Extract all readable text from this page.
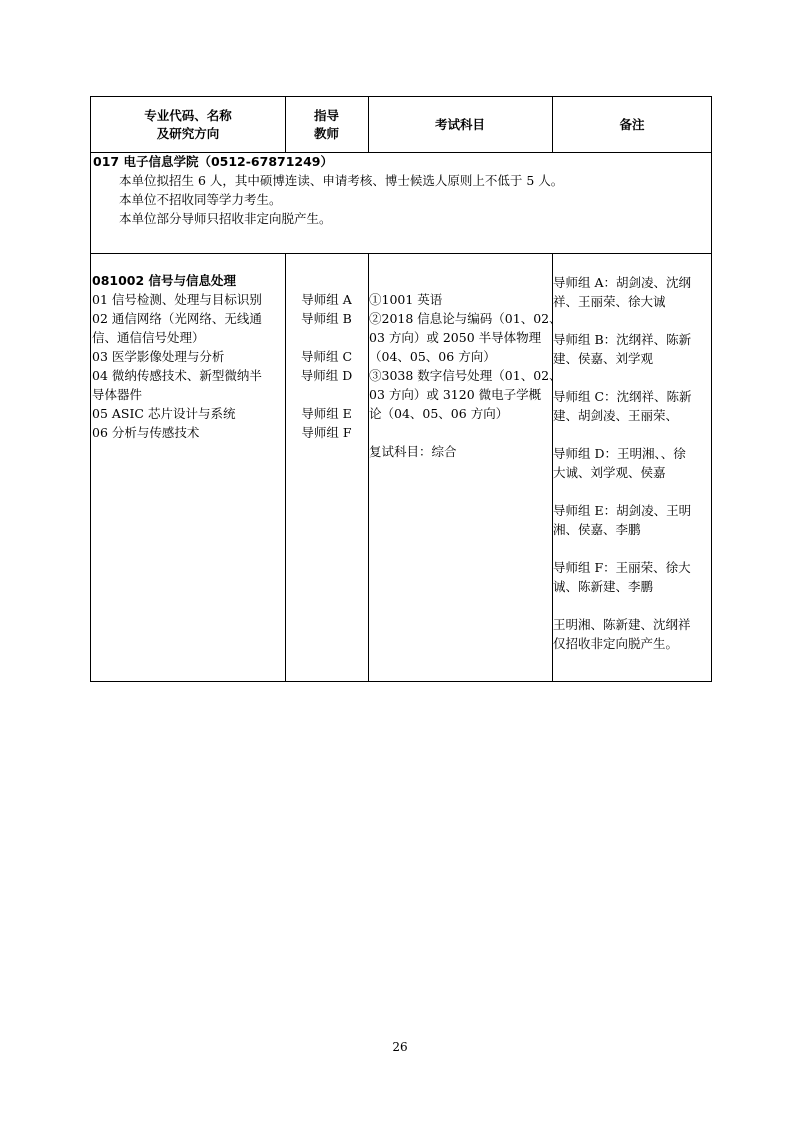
专业代码、名称
及研究方向
指导
教师
考试科目	备注
017 电子信息学院（0512-67871249）
本单位拟招生 6 人，其中硕博连读、申请考核、博士候选人原则上不低于 5 人。
本单位不招收同等学力考生。
本单位部分导师只招收非定向脱产生。
081002 信号与信息处理
01 信号检测、处理与目标识别
02 通信网络（光网络、无线通
信、通信信号处理）
03 医学影像处理与分析
04 微纳传感技术、新型微纳半
导体器件
05 ASIC 芯片设计与系统
06 分析与传感技术
导师组 A
导师组 B

导师组 C
导师组 D

导师组 E
导师组 F
①1001 英语
②2018 信息论与编码（01、02、
03 方向）或 2050 半导体物理
（04、05、06 方向）
③3038 数字信号处理（01、02、
03 方向）或 3120 微电子学概
论（04、05、06 方向）

复试科目：综合
导师组 A：胡剑凌、沈纲
祥、王丽荣、徐大诚

导师组 B：沈纲祥、陈新
建、侯嘉、刘学观

导师组 C：沈纲祥、陈新
建、胡剑凌、王丽荣、

导师组 D：王明湘、、徐
大诚、刘学观、侯嘉

导师组 E：胡剑凌、王明
湘、侯嘉、李鹏

导师组 F：王丽荣、徐大
诚、陈新建、李鹏

王明湘、陈新建、沈纲祥
仅招收非定向脱产生。
26
